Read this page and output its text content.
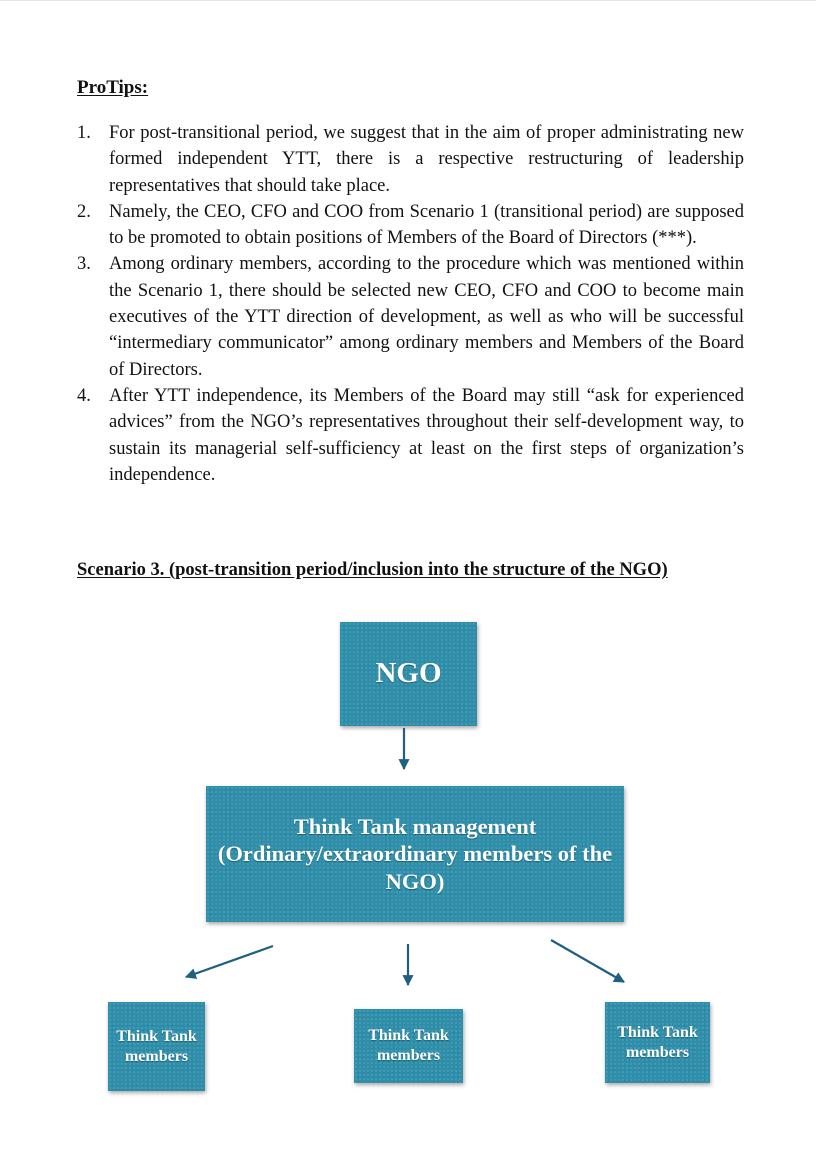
ProTips:
1. For post-transitional period, we suggest that in the aim of proper administrating new formed independent YTT, there is a respective restructuring of leadership representatives that should take place.
2. Namely, the CEO, CFO and COO from Scenario 1 (transitional period) are supposed to be promoted to obtain positions of Members of the Board of Directors (***).
3. Among ordinary members, according to the procedure which was mentioned within the Scenario 1, there should be selected new CEO, CFO and COO to become main executives of the YTT direction of development, as well as who will be successful “intermediary communicator” among ordinary members and Members of the Board of Directors.
4. After YTT independence, its Members of the Board may still “ask for experienced advices” from the NGO’s representatives throughout their self-development way, to sustain its managerial self-sufficiency at least on the first steps of organization’s independence.
Scenario 3. (post-transition period/inclusion into the structure of the NGO)
NGO
Think Tank management (Ordinary/extraordinary members of the NGO)
Think Tank members
Think Tank members
Think Tank members
